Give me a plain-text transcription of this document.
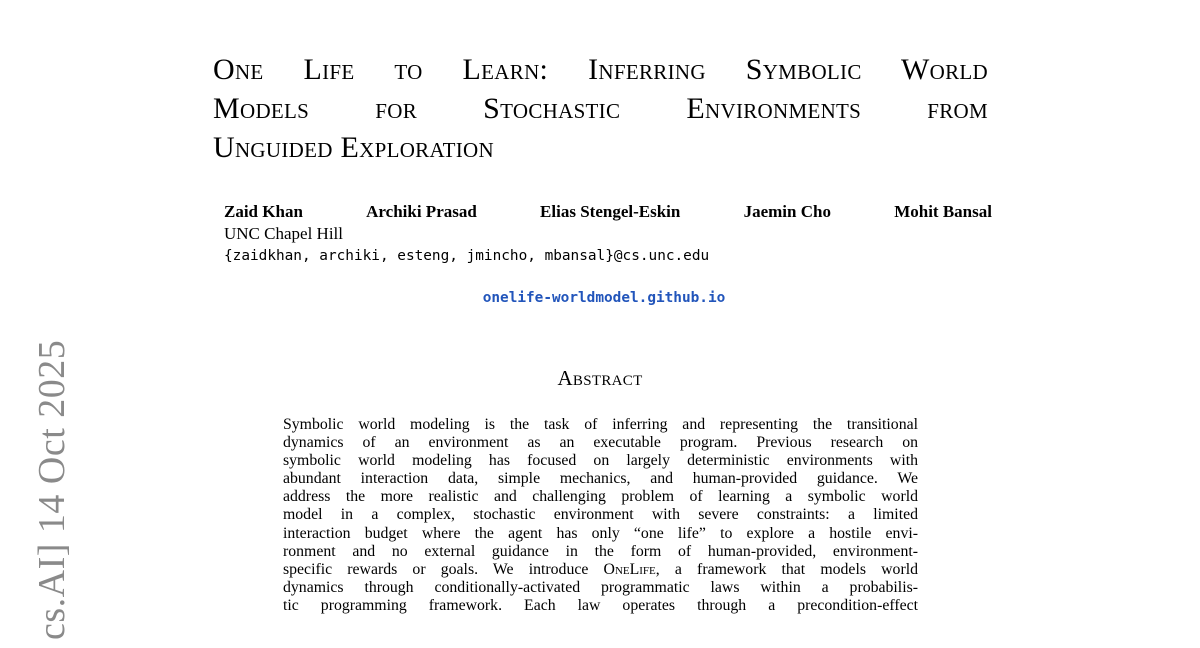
cs.AI] 14 Oct 2025
One Life to Learn: Inferring Symbolic World
Models for Stochastic Environments from
Unguided Exploration
Zaid Khan	Archiki Prasad	Elias Stengel-Eskin	Jaemin Cho	Mohit Bansal
UNC Chapel Hill
{zaidkhan, archiki, esteng, jmincho, mbansal}@cs.unc.edu
onelife-worldmodel.github.io
Abstract
Symbolic world modeling is the task of inferring and representing the transitional
dynamics of an environment as an executable program. Previous research on
symbolic world modeling has focused on largely deterministic environments with
abundant interaction data, simple mechanics, and human-provided guidance. We
address the more realistic and challenging problem of learning a symbolic world
model in a complex, stochastic environment with severe constraints: a limited
interaction budget where the agent has only “one life” to explore a hostile envi-
ronment and no external guidance in the form of human-provided, environment-
specific rewards or goals. We introduce OneLife, a framework that models world
dynamics through conditionally-activated programmatic laws within a probabilis-
tic programming framework. Each law operates through a precondition-effect
